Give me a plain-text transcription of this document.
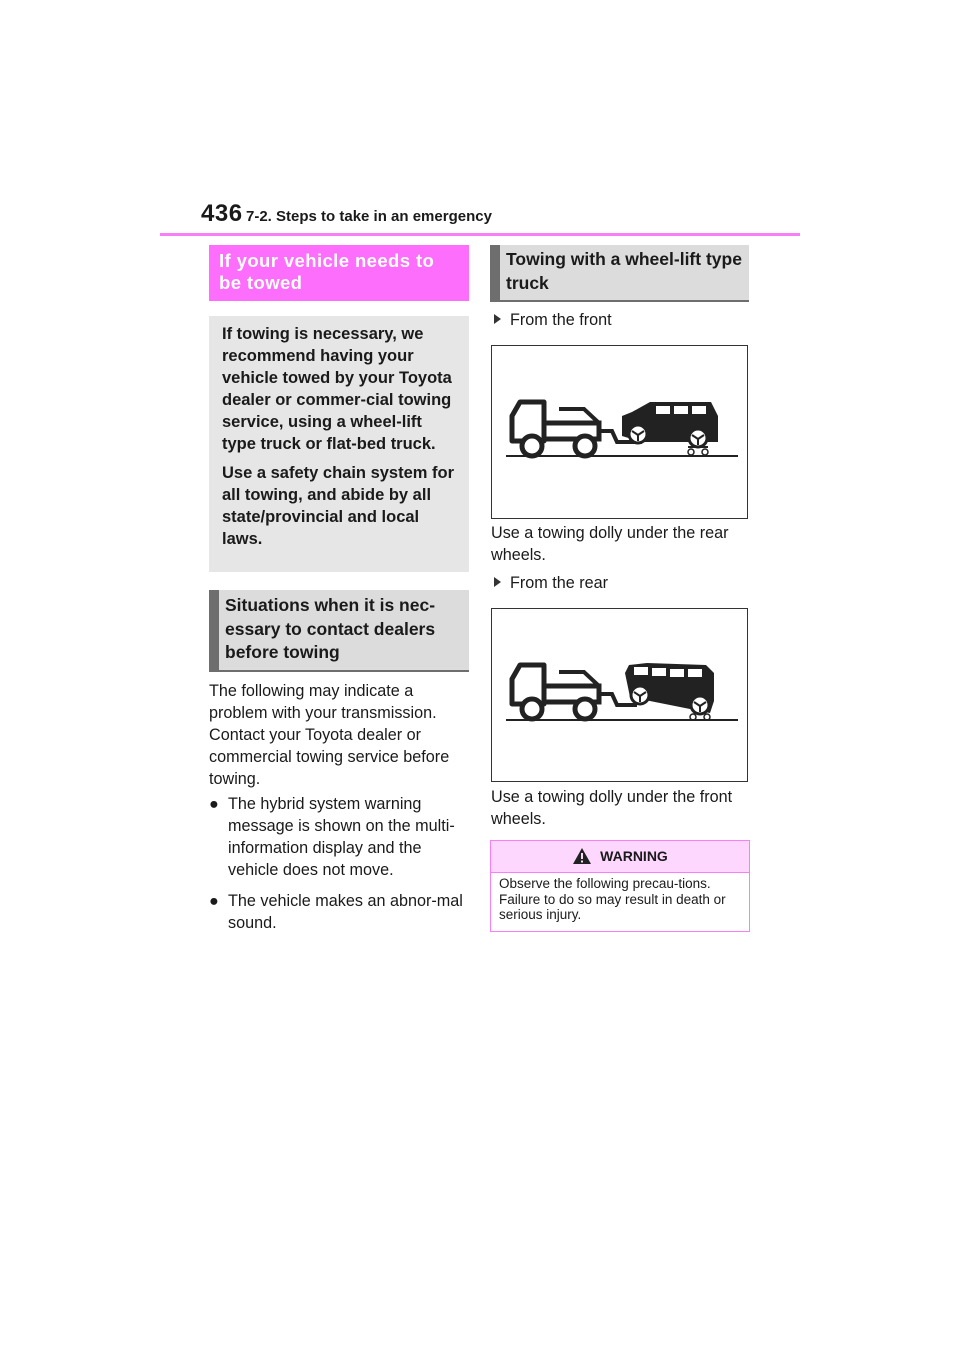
436 7-2. Steps to take in an emergency
If your vehicle needs to be towed

If towing is necessary, we recommend having your vehicle towed by your Toyota dealer or commer-cial towing service, using a wheel-lift type truck or flat-bed truck.

Use a safety chain system for all towing, and abide by all state/provincial and local laws.

Situations when it is nec-essary to contact dealers before towing
The following may indicate a problem with your transmission. Contact your Toyota dealer or commercial towing service before towing.
● The hybrid system warning message is shown on the multi-information display and the vehicle does not move.
● The vehicle makes an abnor-mal sound.
Towing with a wheel-lift type truck
From the front
Use a towing dolly under the rear wheels.
From the rear
Use a towing dolly under the front wheels.
WARNING
Observe the following precau-tions. Failure to do so may result in death or serious injury.
